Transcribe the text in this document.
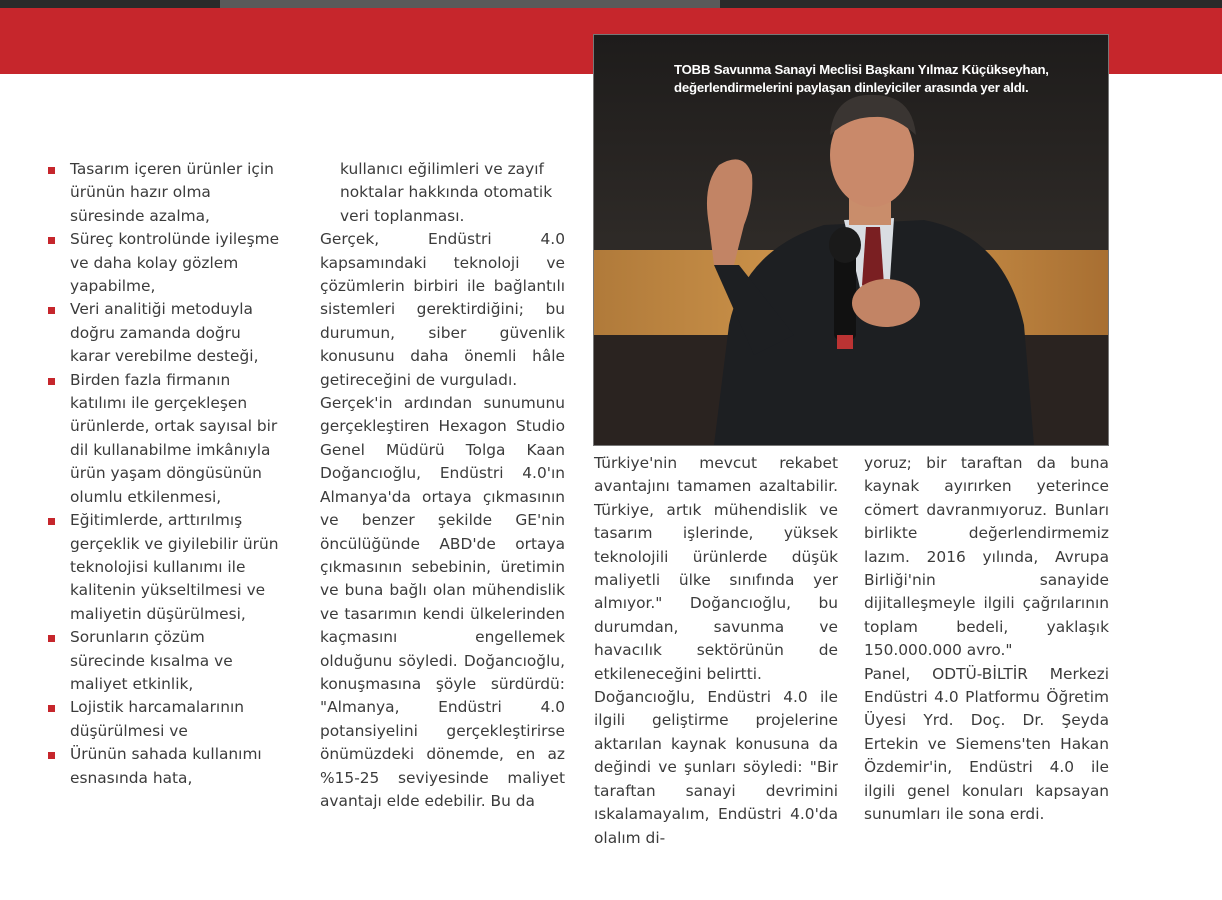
Tasarım içeren ürünler için ürünün hazır olma süresinde azalma,
Süreç kontrolünde iyileşme ve daha kolay gözlem yapabilme,
Veri analitiği metoduyla doğru zamanda doğru karar verebilme desteği,
Birden fazla firmanın katılımı ile gerçekleşen ürünlerde, ortak sayısal bir dil kullanabilme imkânıyla ürün yaşam döngüsünün olumlu etkilenmesi,
Eğitimlerde, arttırılmış gerçeklik ve giyilebilir ürün teknolojisi kullanımı ile kalitenin yükseltilmesi ve maliyetin düşürülmesi,
Sorunların çözüm sürecinde kısalma ve maliyet etkinlik,
Lojistik harcamalarının düşürülmesi ve
Ürünün sahada kullanımı esnasında hata,

kullanıcı eğilimleri ve zayıf noktalar hakkında otomatik veri toplanması.

Gerçek, Endüstri 4.0 kapsamındaki teknoloji ve çözümlerin birbiri ile bağlantılı sistemleri gerektirdiğini; bu durumun, siber güvenlik konusunu daha önemli hâle getireceğini de vurguladı.

Gerçek'in ardından sunumunu gerçekleştiren Hexagon Studio Genel Müdürü Tolga Kaan Doğancıoğlu, Endüstri 4.0'ın Almanya'da ortaya çıkmasının ve benzer şekilde GE'nin öncülüğünde ABD'de ortaya çıkmasının sebebinin, üretimin ve buna bağlı olan mühendislik ve tasarımın kendi ülkelerinden kaçmasını engellemek olduğunu söyledi. Doğancıoğlu, konuşmasına şöyle sürdürdü: "Almanya, Endüstri 4.0 potansiyelini gerçekleştirirse önümüzdeki dönemde, en az %15-25 seviyesinde maliyet avantajı elde edebilir. Bu da

TOBB Savunma Sanayi Meclisi Başkanı Yılmaz Küçükseyhan, değerlendirmelerini paylaşan dinleyiciler arasında yer aldı.

Türkiye'nin mevcut rekabet avantajını tamamen azaltabilir. Türkiye, artık mühendislik ve tasarım işlerinde, yüksek teknolojili ürünlerde düşük maliyetli ülke sınıfında yer almıyor." Doğancıoğlu, bu durumdan, savunma ve havacılık sektörünün de etkileneceğini belirtti.

Doğancıoğlu, Endüstri 4.0 ile ilgili geliştirme projelerine aktarılan kaynak konusuna da değindi ve şunları söyledi: "Bir taraftan sanayi devrimini ıskalamayalım, Endüstri 4.0'da olalım di-

yoruz; bir taraftan da buna kaynak ayırırken yeterince cömert davranmıyoruz. Bunları birlikte değerlendirmemiz lazım. 2016 yılında, Avrupa Birliği'nin sanayide dijitalleşmeyle ilgili çağrılarının toplam bedeli, yaklaşık 150.000.000 avro."

Panel, ODTÜ-BİLTİR Merkezi Endüstri 4.0 Platformu Öğretim Üyesi Yrd. Doç. Dr. Şeyda Ertekin ve Siemens'ten Hakan Özdemir'in, Endüstri 4.0 ile ilgili genel konuları kapsayan sunumları ile sona erdi.
